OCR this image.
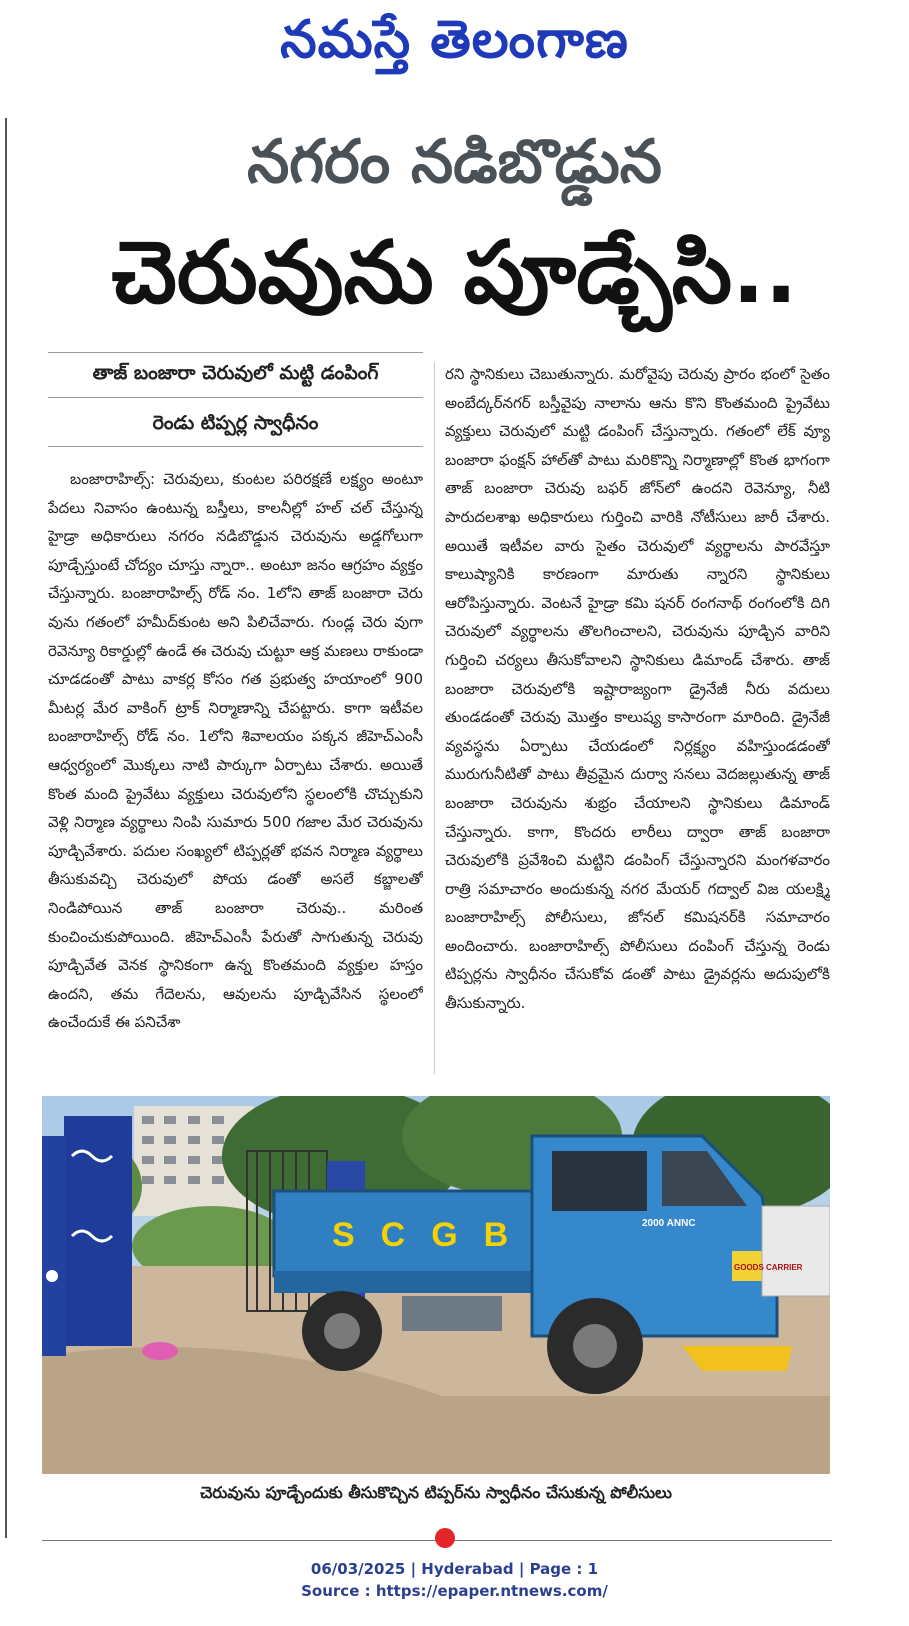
నమస్తే తెలంగాణ
నగరం నడిబొడ్డున
చెరువును పూడ్చేసి..
తాజ్ బంజారా చెరువులో మట్టి డంపింగ్
రెండు టిప్పర్ల స్వాధీనం
బంజారాహిల్స్: చెరువులు, కుంటల పరిరక్షణే లక్ష్యం అంటూ పేదలు నివాసం ఉంటున్న బస్తీలు, కాలనీల్లో హల్ చల్ చేస్తున్న హైడ్రా అధికారులు నగరం నడిబొడ్డున చెరువును అడ్డగోలుగా పూడ్చేస్తుంటే చోద్యం చూస్తు న్నారా.. అంటూ జనం ఆగ్రహం వ్యక్తం చేస్తున్నారు. బంజారాహిల్స్ రోడ్ నం. 1లోని తాజ్ బంజారా చెరు వును గతంలో హమీద్‌కుంట అని పిలిచేవారు. గుండ్ల చెరు వుగా రెవెన్యూ రికార్డుల్లో ఉండే ఈ చెరువు చుట్టూ ఆక్ర మణలు రాకుండా చూడడంతో పాటు వాకర్ల కోసం గత ప్రభుత్వ హయాంలో 900 మీటర్ల మేర వాకింగ్ ట్రాక్ నిర్మాణాన్ని చేపట్టారు. కాగా ఇటీవల బంజారాహిల్స్ రోడ్ నం. 1లోని శివాలయం పక్కన జీహెచ్ఎంసీ ఆధ్వర్యంలో మొక్కలు నాటి పార్కుగా ఏర్పాటు చేశారు. అయితే కొంత మంది ప్రైవేటు వ్యక్తులు చెరువులోని స్థలంలోకి చొచ్చుకుని వెళ్లి నిర్మాణ వ్యర్థాలు నింపి సుమారు 500 గజాల మేర చెరువును పూడ్చివేశారు. పదుల సంఖ్యలో టిప్పర్లతో భవన నిర్మాణ వ్యర్థాలు తీసుకువచ్చి చెరువులో పోయ డంతో అసలే కబ్జాలతో నిండిపోయిన తాజ్ బంజారా చెరువు.. మరింత కుంచించుకుపోయింది. జీహెచ్ఎంసీ పేరుతో సాగుతున్న చెరువు పూడ్చివేత వెనక స్థానికంగా ఉన్న కొంతమంది వ్యక్తుల హస్తం ఉందని, తమ గేదెలను, ఆవులను పూడ్చివేసిన స్థలంలో ఉంచేందుకే ఈ పనిచేశా
రని స్థానికులు చెబుతున్నారు. మరోవైపు చెరువు ప్రారం భంలో సైతం అంబేద్కర్‌నగర్ బస్తీవైపు నాలాను ఆను కొని కొంతమంది ప్రైవేటు వ్యక్తులు చెరువులో మట్టి డంపింగ్ చేస్తున్నారు. గతంలో లేక్ వ్యూ బంజారా ఫంక్షన్ హాల్‌తో పాటు మరికొన్ని నిర్మాణాల్లో కొంత భాగంగా తాజ్ బంజారా చెరువు బఫర్ జోన్‌లో ఉందని రెవెన్యూ, నీటి పారుదలశాఖ అధికారులు గుర్తించి వారికి నోటీసులు జారీ చేశారు. అయితే ఇటీవల వారు సైతం చెరువులో వ్యర్థాలను పారవేస్తూ కాలుష్యానికి కారణంగా మారుతు న్నారని స్థానికులు ఆరోపిస్తున్నారు. వెంటనే హైడ్రా కమి షనర్ రంగనాథ్ రంగంలోకి దిగి చెరువులో వ్యర్థాలను తొలగించాలని, చెరువును పూడ్చిన వారిని గుర్తించి చర్యలు తీసుకోవాలని స్థానికులు డిమాండ్ చేశారు. తాజ్ బంజారా చెరువులోకి ఇష్టారాజ్యంగా డ్రైనేజీ నీరు వదులు తుండడంతో చెరువు మొత్తం కాలుష్య కాసారంగా మారింది. డ్రైనేజీ వ్యవస్థను ఏర్పాటు చేయడంలో నిర్లక్ష్యం వహిస్తుండడంతో మురుగునీటితో పాటు తీవ్రమైన దుర్వా సనలు వెదజల్లుతున్న తాజ్ బంజారా చెరువును శుభ్రం చేయాలని స్థానికులు డిమాండ్ చేస్తున్నారు. కాగా, కొందరు లారీలు ద్వారా తాజ్ బంజారా చెరువులోకి ప్రవేశించి మట్టిని డంపింగ్ చేస్తున్నారని మంగళవారం రాత్రి సమాచారం అందుకున్న నగర మేయర్ గద్వాల్ విజ యలక్ష్మి బంజారాహిల్స్ పోలీసులు, జోనల్ కమిషనర్‌కి సమాచారం అందించారు. బంజారాహిల్స్ పోలీసులు దంపింగ్ చేస్తున్న రెండు టిప్పర్లను స్వాధీనం చేసుకోవ డంతో పాటు డ్రైవర్లను అదుపులోకి తీసుకున్నారు.
SCGB	2000 ANNC
GOODS CARRIER
చెరువును పూడ్చేందుకు తీసుకొచ్చిన టిప్పర్‌ను స్వాధీనం చేసుకున్న పోలీసులు
06/03/2025 | Hyderabad | Page : 1
Source : https://epaper.ntnews.com/
